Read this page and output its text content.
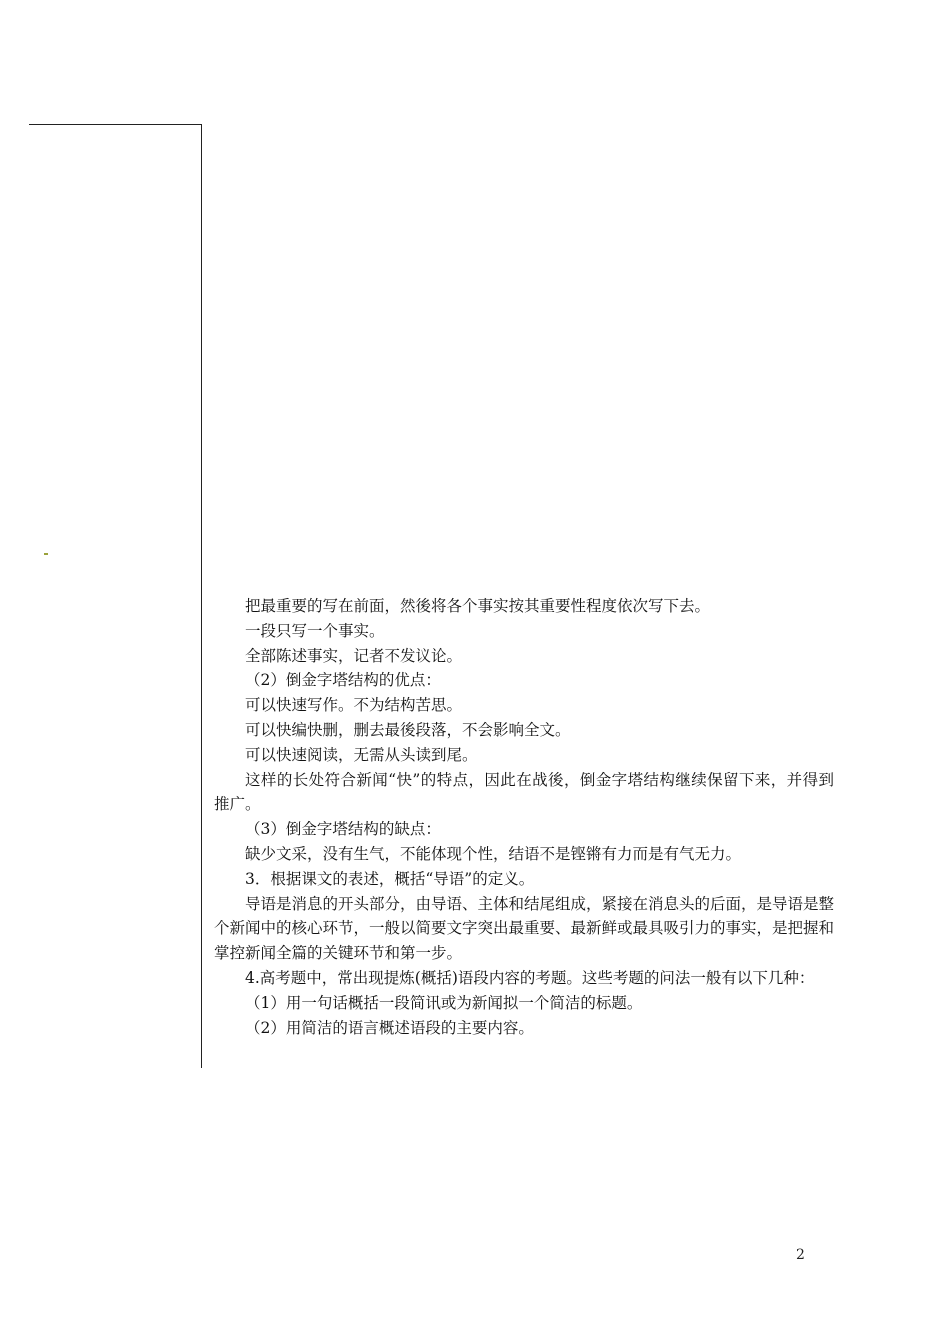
把最重要的写在前面，然後将各个事实按其重要性程度依次写下去。

一段只写一个事实。

全部陈述事实，记者不发议论。

（2）倒金字塔结构的优点：

可以快速写作。不为结构苦思。

可以快编快删，删去最後段落，不会影响全文。

可以快速阅读，无需从头读到尾。

这样的长处符合新闻“快”的特点，因此在战後，倒金字塔结构继续保留下来，并得到推广。

（3）倒金字塔结构的缺点：

缺少文采，没有生气，不能体现个性，结语不是铿锵有力而是有气无力。

3．根据课文的表述，概括“导语”的定义。

导语是消息的开头部分，由导语、主体和结尾组成，紧接在消息头的后面，是导语是整个新闻中的核心环节，一般以简要文字突出最重要、最新鲜或最具吸引力的事实，是把握和掌控新闻全篇的关键环节和第一步。

4.高考题中，常出现提炼(概括)语段内容的考题。这些考题的问法一般有以下几种：

（1）用一句话概括一段简讯或为新闻拟一个简洁的标题。

（2）用简洁的语言概述语段的主要内容。

2
